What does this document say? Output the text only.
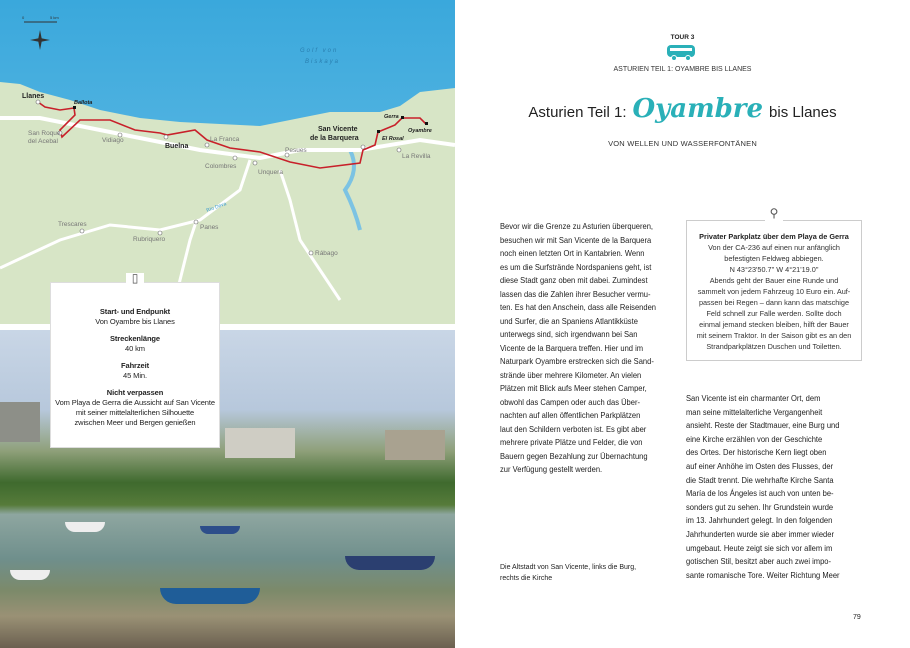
0	5 km
Golf von
Biskaya
Río Deva
Llanes
Ballota
San Roque
del Acebal	Vidiago
Buelna
La Franca
Colombres
Pesues
Unquera
San Vicente
de la Barquera	El Rosal
Gerra
Oyambre
La Revilla
Trescares
Rubriquero
Panes
Rábago
▯
Start- und Endpunkt
Von Oyambre bis Llanes
Streckenlänge
40 km
Fahrzeit
45 Min.
Nicht verpassen
Vom Playa de Gerra die Aussicht auf San Vicente
mit seiner mittelalterlichen Silhouette
zwischen Meer und Bergen genießen
TOUR 3
ASTURIEN TEIL 1: OYAMBRE BIS LLANES
Asturien Teil 1: Oyambre bis Llanes
VON WELLEN UND WASSERFONTÄNEN
Bevor wir die Grenze zu Asturien überqueren,
besuchen wir mit San Vicente de la Barquera
noch einen letzten Ort in Kantabrien. Wenn
es um die Surfstrände Nordspaniens geht, ist
diese Stadt ganz oben mit dabei. Zumindest
lassen das die Zahlen ihrer Besucher vermu-
ten. Es hat den Anschein, dass alle Reisenden
und Surfer, die an Spaniens Atlantikküste
unterwegs sind, sich irgendwann bei San
Vicente de la Barquera treffen. Hier und im
Naturpark Oyambre erstrecken sich die Sand-
strände über mehrere Kilometer. An vielen
Plätzen mit Blick aufs Meer stehen Camper,
obwohl das Campen oder auch das Über-
nachten auf allen öffentlichen Parkplätzen
laut den Schildern verboten ist. Es gibt aber
mehrere private Plätze und Felder, die von
Bauern gegen Bezahlung zur Übernachtung
zur Verfügung gestellt werden.
⚲
Privater Parkplatz über dem Playa de Gerra
Von der CA-236 auf einen nur anfänglich
befestigten Feldweg abbiegen.
N 43°23'50.7" W 4°21'19.0"
Abends geht der Bauer eine Runde und
sammelt von jedem Fahrzeug 10 Euro ein. Auf-
passen bei Regen – dann kann das matschige
Feld schnell zur Falle werden. Sollte doch
einmal jemand stecken bleiben, hilft der Bauer
mit seinem Traktor. In der Saison gibt es an den
Strandparkplätzen Duschen und Toiletten.
San Vicente ist ein charmanter Ort, dem
man seine mittelalterliche Vergangenheit
ansieht. Reste der Stadtmauer, eine Burg und
eine Kirche erzählen von der Geschichte
des Ortes. Der historische Kern liegt oben
auf einer Anhöhe im Osten des Flusses, der
die Stadt trennt. Die wehrhafte Kirche Santa
María de los Ángeles ist auch von unten be-
sonders gut zu sehen. Ihr Grundstein wurde
im 13. Jahrhundert gelegt. In den folgenden
Jahrhunderten wurde sie aber immer wieder
umgebaut. Heute zeigt sie sich vor allem im
gotischen Stil, besitzt aber auch zwei impo-
sante romanische Tore. Weiter Richtung Meer
Die Altstadt von San Vicente, links die Burg,
rechts die Kirche
79
